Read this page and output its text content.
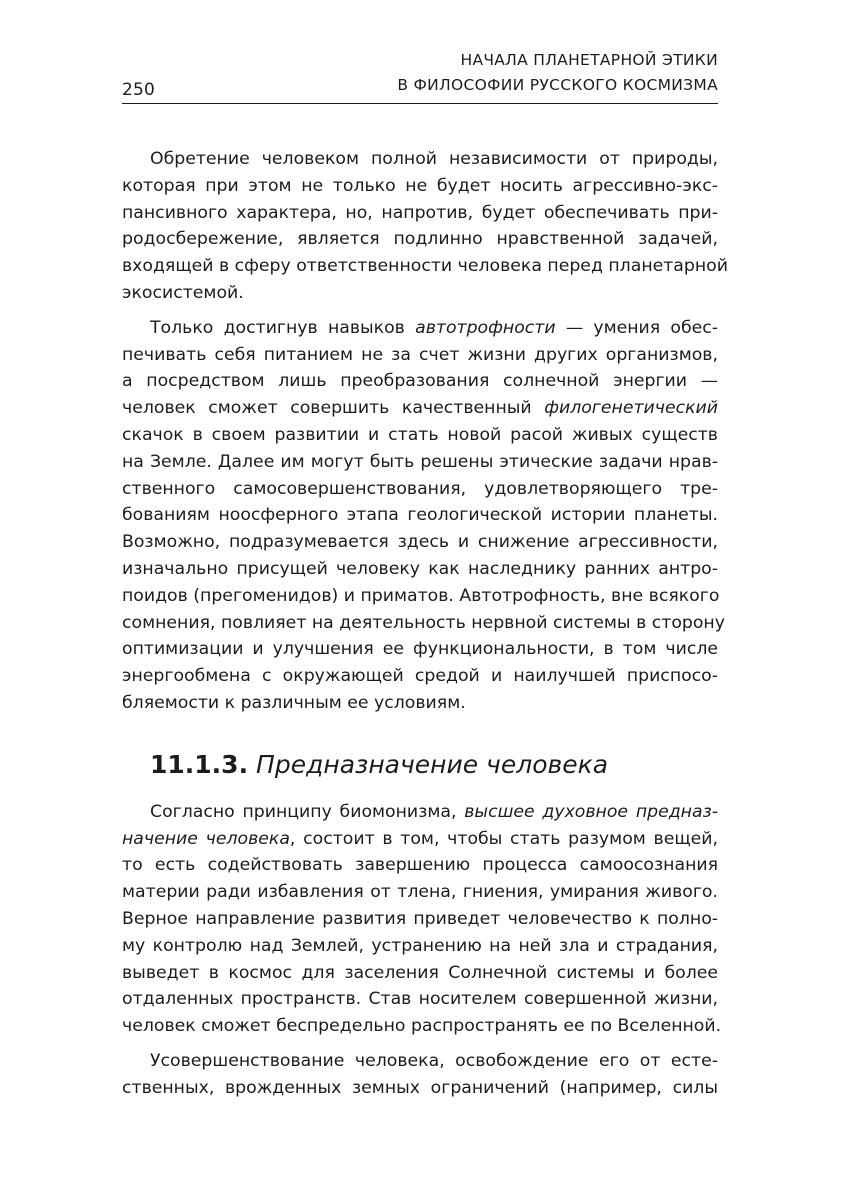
250
НАЧАЛА ПЛАНЕТАРНОЙ ЭТИКИ
В ФИЛОСОФИИ РУССКОГО КОСМИЗМА
Обретение человеком полной независимости от природы,
которая при этом не только не будет носить агрессивно-экс-
пансивного характера, но, напротив, будет обеспечивать при-
родосбережение, является подлинно нравственной задачей,
входящей в сферу ответственности человека перед планетарной
экосистемой.
Только достигнув навыков автотрофности — умения обес-
печивать себя питанием не за счет жизни других организмов,
а посредством лишь преобразования солнечной энергии —
человек сможет совершить качественный филогенетический
скачок в своем развитии и стать новой расой живых существ
на Земле. Далее им могут быть решены этические задачи нрав-
ственного самосовершенствования, удовлетворяющего тре-
бованиям ноосферного этапа геологической истории планеты.
Возможно, подразумевается здесь и снижение агрессивности,
изначально присущей человеку как наследнику ранних антро-
поидов (прегоменидов) и приматов. Автотрофность, вне всякого
сомнения, повлияет на деятельность нервной системы в сторону
оптимизации и улучшения ее функциональности, в том числе
энергообмена с окружающей средой и наилучшей приспосо-
бляемости к различным ее условиям.
11.1.3. Предназначение человека
Согласно принципу биомонизма, высшее духовное предназ-
начение человека, состоит в том, чтобы стать разумом вещей,
то есть содействовать завершению процесса самоосознания
материи ради избавления от тлена, гниения, умирания живого.
Верное направление развития приведет человечество к полно-
му контролю над Землей, устранению на ней зла и страдания,
выведет в космос для заселения Солнечной системы и более
отдаленных пространств. Став носителем совершенной жизни,
человек сможет беспредельно распространять ее по Вселенной.
Усовершенствование человека, освобождение его от есте-
ственных, врожденных земных ограничений (например, силы
